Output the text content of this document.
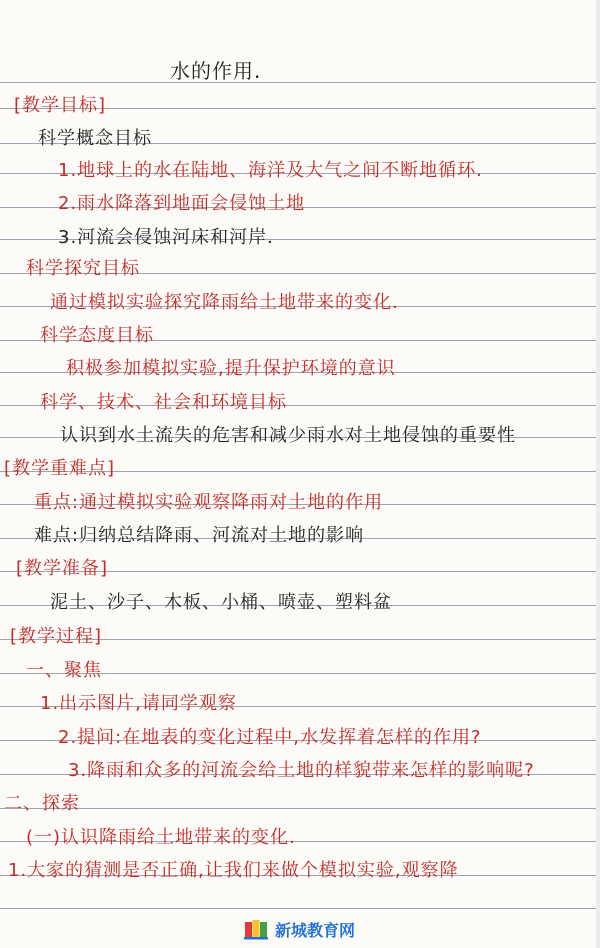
水的作用.
[教学目标]
科学概念目标
1.地球上的水在陆地、海洋及大气之间不断地循环.
2.雨水降落到地面会侵蚀土地
3.河流会侵蚀河床和河岸.
科学探究目标
通过模拟实验探究降雨给土地带来的变化.
科学态度目标
积极参加模拟实验,提升保护环境的意识
科学、技术、社会和环境目标
认识到水土流失的危害和减少雨水对土地侵蚀的重要性
[教学重难点]
重点:通过模拟实验观察降雨对土地的作用
难点:归纳总结降雨、河流对土地的影响
[教学准备]
泥土、沙子、木板、小桶、喷壶、塑料盆
[教学过程]
一、聚焦
1.出示图片,请同学观察
2.提问:在地表的变化过程中,水发挥着怎样的作用?
3.降雨和众多的河流会给土地的样貌带来怎样的影响呢?
二、探索
(一)认识降雨给土地带来的变化.
1.大家的猜测是否正确,让我们来做个模拟实验,观察降
新城教育网
